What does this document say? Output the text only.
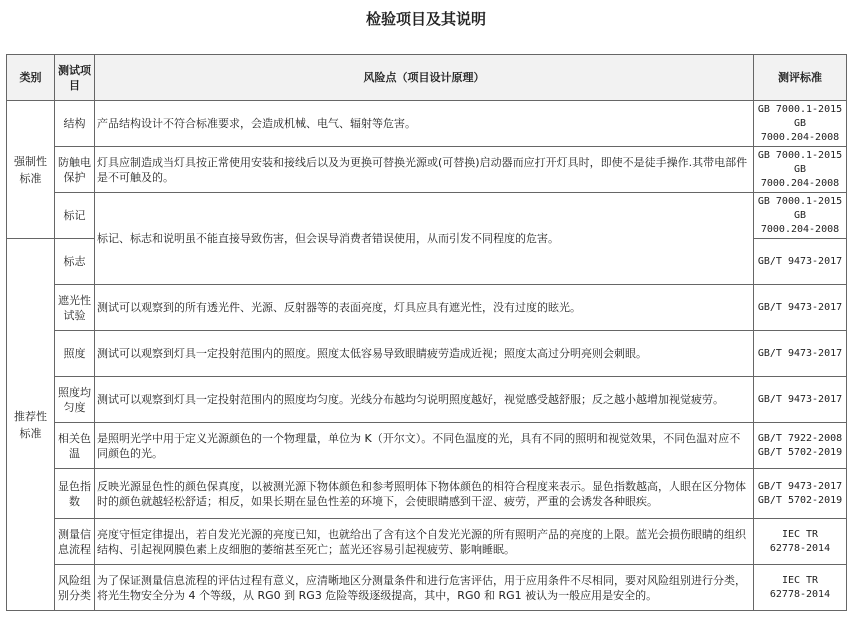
检验项目及其说明
类别	测试项目	风险点（项目设计原理）	测评标准
强制性标准	结构	产品结构设计不符合标准要求，会造成机械、电气、辐射等危害。	GB 7000.1-2015
GB
7000.204-2008

	防触电保护	灯具应制造成当灯具按正常使用安装和接线后以及为更换可替换光源或(可替换)启动器而应打开灯具时，即使不是徒手操作.其带电部件是不可触及的。	GB 7000.1-2015
GB
7000.204-2008

	标记	标记、标志和说明虽不能直接导致伤害，但会误导消费者错误使用，从而引发不同程度的危害。	GB 7000.1-2015
GB
7000.204-2008

推荐性标准	标志		GB/T 9473-2017

	遮光性试验	测试可以观察到的所有透光件、光源、反射器等的表面亮度，灯具应具有遮光性，没有过度的眩光。	GB/T 9473-2017

	照度	测试可以观察到灯具一定投射范围内的照度。照度太低容易导致眼睛疲劳造成近视；照度太高过分明亮则会刺眼。	GB/T 9473-2017

	照度均匀度	测试可以观察到灯具一定投射范围内的照度均匀度。光线分布越均匀说明照度越好，视觉感受越舒服；反之越小越增加视觉疲劳。	GB/T 9473-2017

	相关色温	是照明光学中用于定义光源颜色的一个物理量，单位为 K（开尔文）。不同色温度的光，具有不同的照明和视觉效果，不同色温对应不同颜色的光。	GB/T 7922-2008
GB/T 5702-2019

	显色指数	反映光源显色性的颜色保真度，以被测光源下物体颜色和参考照明体下物体颜色的相符合程度来表示。显色指数越高，人眼在区分物体时的颜色就越轻松舒适；相反，如果长期在显色性差的环境下，会使眼睛感到干涩、疲劳，严重的会诱发各种眼疾。	GB/T 9473-2017
GB/T 5702-2019

	测量信息流程	亮度守恒定律提出，若自发光光源的亮度已知，也就给出了含有这个自发光光源的所有照明产品的亮度的上限。蓝光会损伤眼睛的组织结构、引起视网膜色素上皮细胞的萎缩甚至死亡；蓝光还容易引起视疲劳、影响睡眠。	IEC TR
62778-2014

	风险组别分类	为了保证测量信息流程的评估过程有意义，应清晰地区分测量条件和进行危害评估，用于应用条件不尽相同，要对风险组别进行分类，将光生物安全分为 4 个等级，从 RG0 到 RG3 危险等级逐级提高，其中，RG0 和 RG1 被认为一般应用是安全的。	IEC TR
62778-2014
